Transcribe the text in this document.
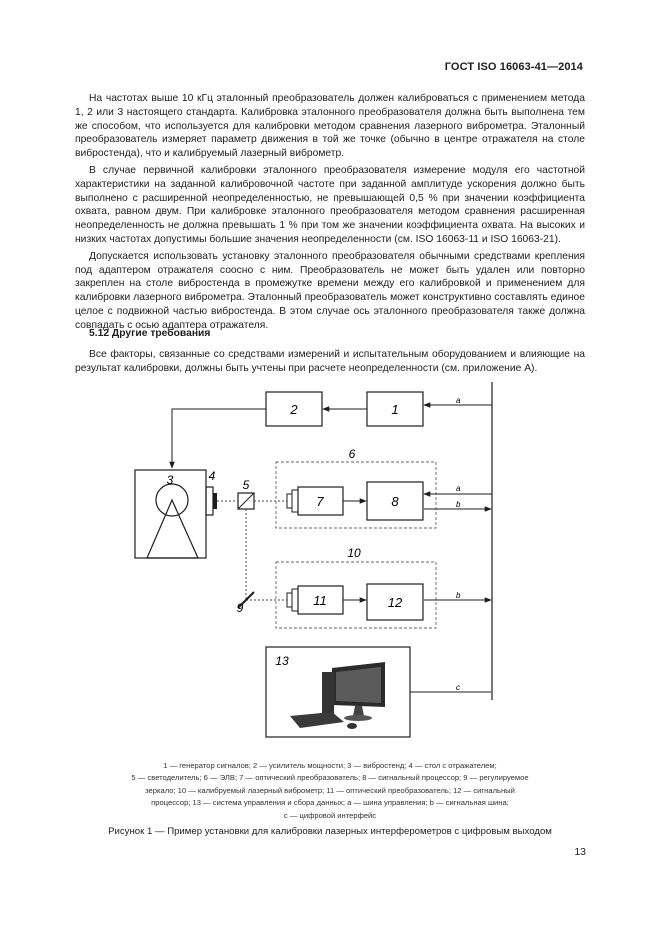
ГОСТ ISO 16063-41—2014

На частотах выше 10 кГц эталонный преобразователь должен калиброваться с применением метода 1, 2 или 3 настоящего стандарта. Калибровка эталонного преобразователя должна быть выполнена тем же способом, что используется для калибровки методом сравнения лазерного виброметра. Эталонный преобразователь измеряет параметр движения в той же точке (обычно в центре отражателя на столе вибростенда), что и калибруемый лазерный виброметр.

В случае первичной калибровки эталонного преобразователя измерение модуля его частотной характеристики на заданной калибровочной частоте при заданной амплитуде ускорения должно быть выполнено с расширенной неопределенностью, не превышающей 0,5 % при значении коэффициента охвата, равном двум. При калибровке эталонного преобразователя методом сравнения расширенная неопределенность не должна превышать 1 % при том же значении коэффициента охвата. На высоких и низких частотах допустимы большие значения неопределенности (см. ISO 16063-11 и ISO 16063-21).

Допускается использовать установку эталонного преобразователя обычными средствами крепления под адаптером отражателя соосно с ним. Преобразователь не может быть удален или повторно закреплен на столе вибростенда в промежутке времени между его калибровкой и применением для калибровки лазерного виброметра. Эталонный преобразователь может конструктивно составлять единое целое с подвижной частью вибростенда. В этом случае ось эталонного преобразователя также должна совпадать с осью адаптера отражателя.

5.12 Другие требования

Все факторы, связанные со средствами измерений и испытательным оборудованием и влияющие на результат калибровки, должны быть учтены при расчете неопределенности (см. приложение А).

1
2
a
3	4
5
9
6
7	8
a
b
10
11	12	b
13
c
1 — генератор сигналов; 2 — усилитель мощности; 3 — вибростенд; 4 — стол с отражателем;
5 — светоделитель; 6 — ЭЛВ; 7 — оптический преобразователь; 8 — сигнальный процессор; 9 — регулируемое
зеркало; 10 — калибруемый лазерный виброметр; 11 — оптический преобразователь; 12 — сигнальный
процессор; 13 — система управления и сбора данных; a — шина управления; b — сигнальная шина;
c — цифровой интерфейс
Рисунок 1 — Пример установки для калибровки лазерных интерферометров с цифровым выходом
13
